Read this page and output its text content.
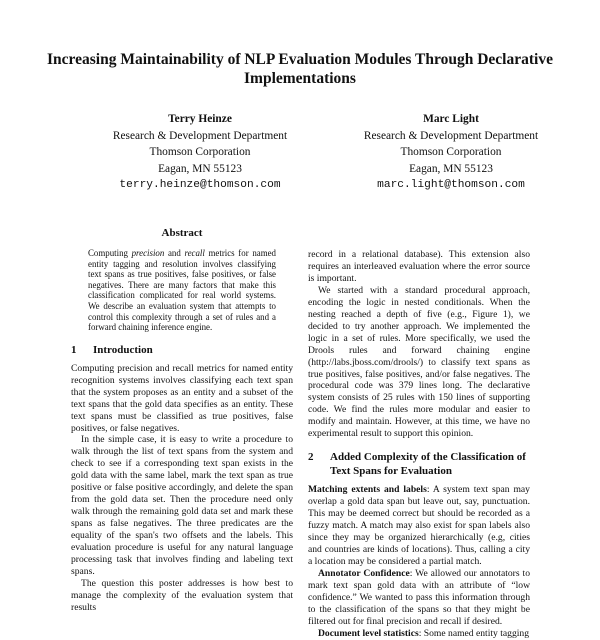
Increasing Maintainability of NLP Evaluation Modules Through Declarative Implementations
Terry Heinze
Research & Development Department
Thomson Corporation
Eagan, MN 55123
terry.heinze@thomson.com
Marc Light
Research & Development Department
Thomson Corporation
Eagan, MN 55123
marc.light@thomson.com
Abstract

Computing precision and recall metrics for named entity tagging and resolution involves classifying text spans as true positives, false positives, or false negatives. There are many factors that make this classification complicated for real world systems. We describe an evaluation system that attempts to control this complexity through a set of rules and a forward chaining inference engine.

1	Introduction

Computing precision and recall metrics for named entity recognition systems involves classifying each text span that the system proposes as an entity and a subset of the text spans that the gold data specifies as an entity. These text spans must be classified as true positives, false positives, or false negatives.

In the simple case, it is easy to write a procedure to walk through the list of text spans from the system and check to see if a corresponding text span exists in the gold data with the same label, mark the text span as true positive or false positive accordingly, and delete the span from the gold data set. Then the procedure need only walk through the remaining gold data set and mark these spans as false negatives. The three predicates are the equality of the span's two offsets and the labels. This evaluation procedure is useful for any natural language processing task that involves finding and labeling text spans.

The question this poster addresses is how best to manage the complexity of the evaluation system that results

record in a relational database). This extension also requires an interleaved evaluation where the error source is important.

We started with a standard procedural approach, encoding the logic in nested conditionals. When the nesting reached a depth of five (e.g., Figure 1), we decided to try another approach. We implemented the logic in a set of rules. More specifically, we used the Drools rules and forward chaining engine (http://labs.jboss.com/drools/) to classify text spans as true positives, false positives, and/or false negatives. The procedural code was 379 lines long. The declarative system consists of 25 rules with 150 lines of supporting code. We find the rules more modular and easier to modify and maintain. However, at this time, we have no experimental result to support this opinion.

2	Added Complexity of the Classification of Text Spans for Evaluation

Matching extents and labels: A system text span may overlap a gold data span but leave out, say, punctuation. This may be deemed correct but should be recorded as a fuzzy match. A match may also exist for span labels also since they may be organized hierarchically (e.g, cities and countries are kinds of locations). Thus, calling a city a location may be considered a partial match.

Annotator Confidence: We allowed our annotators to mark text span gold data with an attribute of “low confidence.” We wanted to pass this information through to the classification of the spans so that they might be filtered out for final precision and recall if desired.

Document level statistics: Some named entity tagging
